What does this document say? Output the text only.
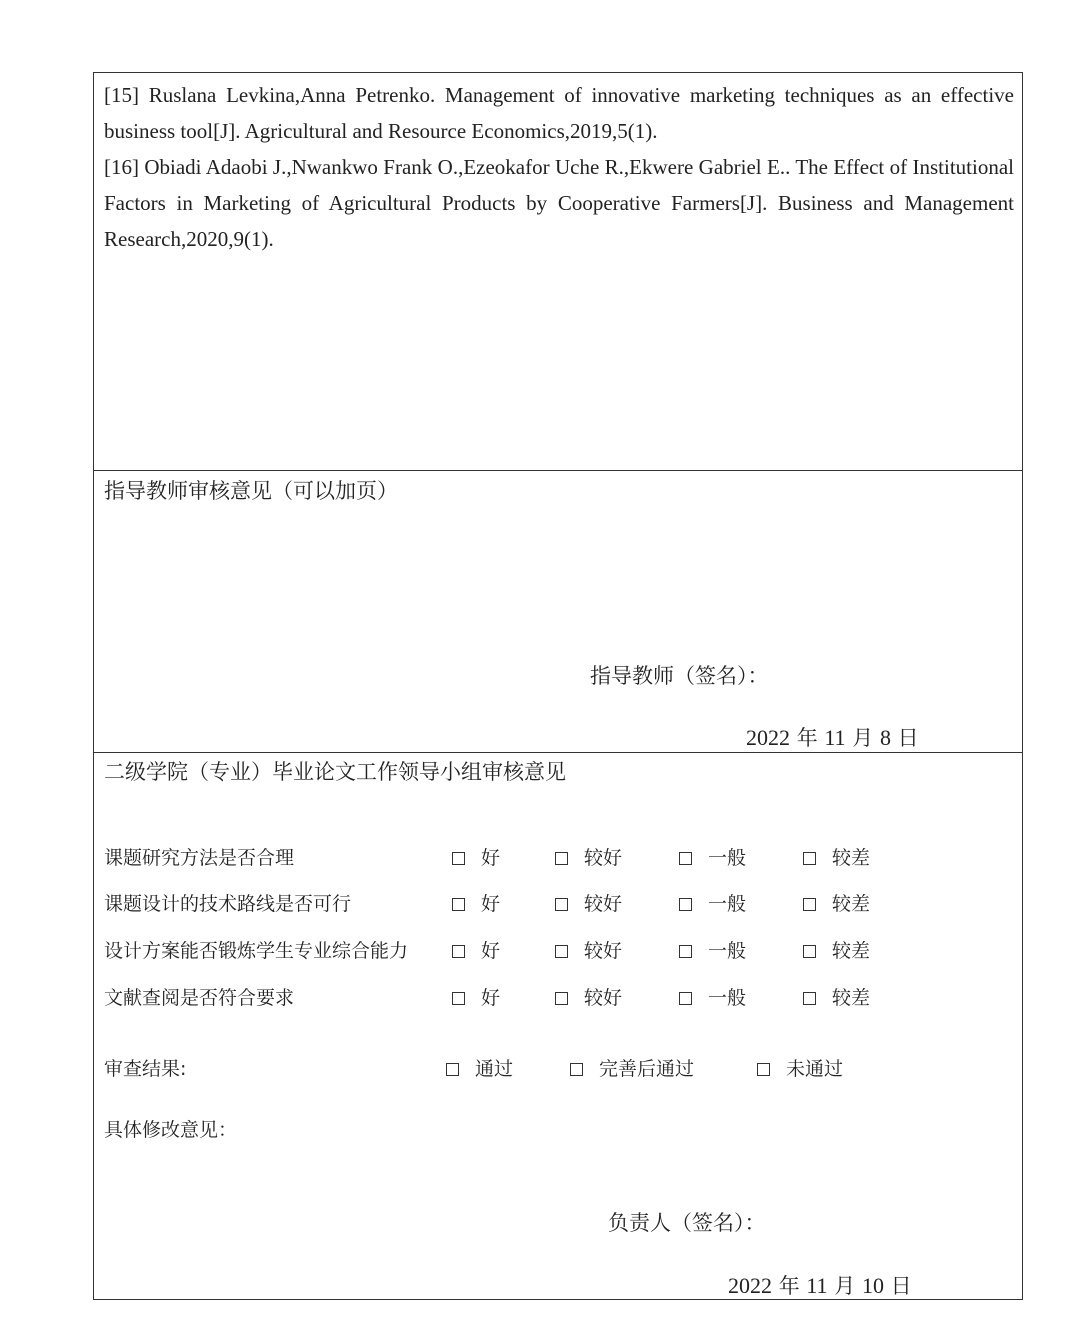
[15] Ruslana Levkina,Anna Petrenko. Management of innovative marketing techniques as an effective business tool[J]. Agricultural and Resource Economics,2019,5(1).
[16] Obiadi Adaobi J.,Nwankwo Frank O.,Ezeokafor Uche R.,Ekwere Gabriel E.. The Effect of Institutional Factors in Marketing of Agricultural Products by Cooperative Farmers[J]. Business and Management Research,2020,9(1).
指导教师审核意见（可以加页）
指导教师（签名）：
2022 年 11 月 8 日
二级学院（专业）毕业论文工作领导小组审核意见
课题研究方法是否合理	好	较好	一般	较差
课题设计的技术路线是否可行	好	较好	一般	较差
设计方案能否锻炼学生专业综合能力	好	较好	一般	较差
文献查阅是否符合要求	好	较好	一般	较差
审查结果:	通过	完善后通过	未通过
具体修改意见：
负责人（签名）：
2022 年 11 月 10 日
